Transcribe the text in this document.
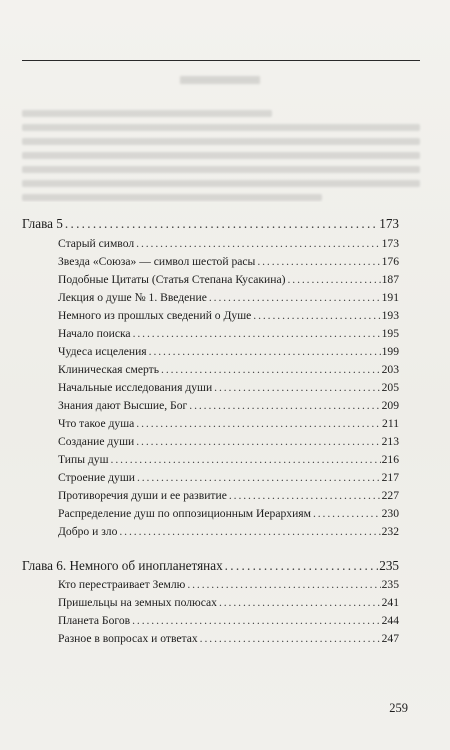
Глава 5 . . .	173
Старый символ . . .	173
Звезда «Союза» — символ шестой расы . . .	176
Подобные Цитаты (Статья Степана Кусакина) . . .	187
Лекция о душе № 1. Введение . . .	191
Немного из прошлых сведений о Душе . . .	193
Начало поиска . . .	195
Чудеса исцеления . . .	199
Клиническая смерть . . .	203
Начальные исследования души . . .	205
Знания дают Высшие, Бог . . .	209
Что такое душа . . .	211
Создание души . . .	213
Типы душ . . .	216
Строение души . . .	217
Противоречия души и ее развитие . . .	227
Распределение душ по оппозиционным Иерархиям . . .	230
Добро и зло . . .	232
Глава 6. Немного об инопланетянах . . .	235
Кто перестраивает Землю . . .	235
Пришельцы на земных полюсах . . .	241
Планета Богов . . .	244
Разное в вопросах и ответах . . .	247
259
